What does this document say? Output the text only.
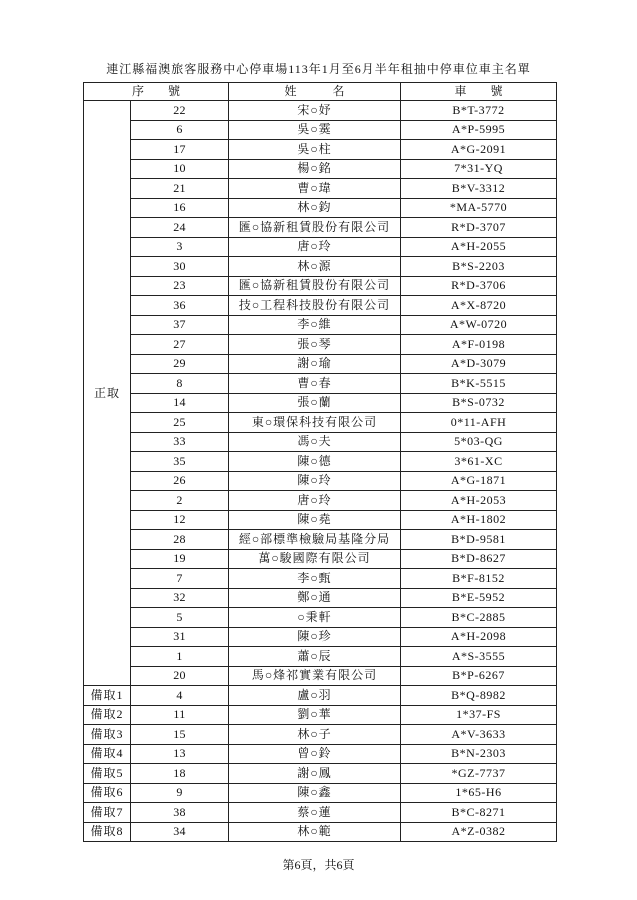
連江縣福澳旅客服務中心停車場113年1月至6月半年租抽中停車位車主名單
序　　號		姓　　　名	車　　號
正取	22	宋○妤	B*T-3772
	6	吳○霙	A*P-5995
	17	吳○柱	A*G-2091
	10	楊○銘	7*31-YQ
	21	曹○瑋	B*V-3312
	16	林○鈞	*MA-5770
	24	匯○協新租賃股份有限公司	R*D-3707
	3	唐○玲	A*H-2055
	30	林○源	B*S-2203
	23	匯○協新租賃股份有限公司	R*D-3706
	36	技○工程科技股份有限公司	A*X-8720
	37	李○維	A*W-0720
	27	張○琴	A*F-0198
	29	謝○瑜	A*D-3079
	8	曹○春	B*K-5515
	14	張○蘭	B*S-0732
	25	東○環保科技有限公司	0*11-AFH
	33	馮○夫	5*03-QG
	35	陳○德	3*61-XC
	26	陳○玲	A*G-1871
	2	唐○玲	A*H-2053
	12	陳○堯	A*H-1802
	28	經○部標準檢驗局基隆分局	B*D-9581
	19	萬○駿國際有限公司	B*D-8627
	7	李○甄	B*F-8152
	32	鄭○通	B*E-5952
	5	○秉軒	B*C-2885
	31	陳○珍	A*H-2098
	1	蕭○辰	A*S-3555
	20	馬○烽祁實業有限公司	B*P-6267
備取1	4	盧○羽	B*Q-8982
備取2	11	劉○華	1*37-FS
備取3	15	林○子	A*V-3633
備取4	13	曾○鈴	B*N-2303
備取5	18	謝○鳳	*GZ-7737
備取6	9	陳○鑫	1*65-H6
備取7	38	蔡○蓮	B*C-8271
備取8	34	林○範	A*Z-0382
第6頁，共6頁
